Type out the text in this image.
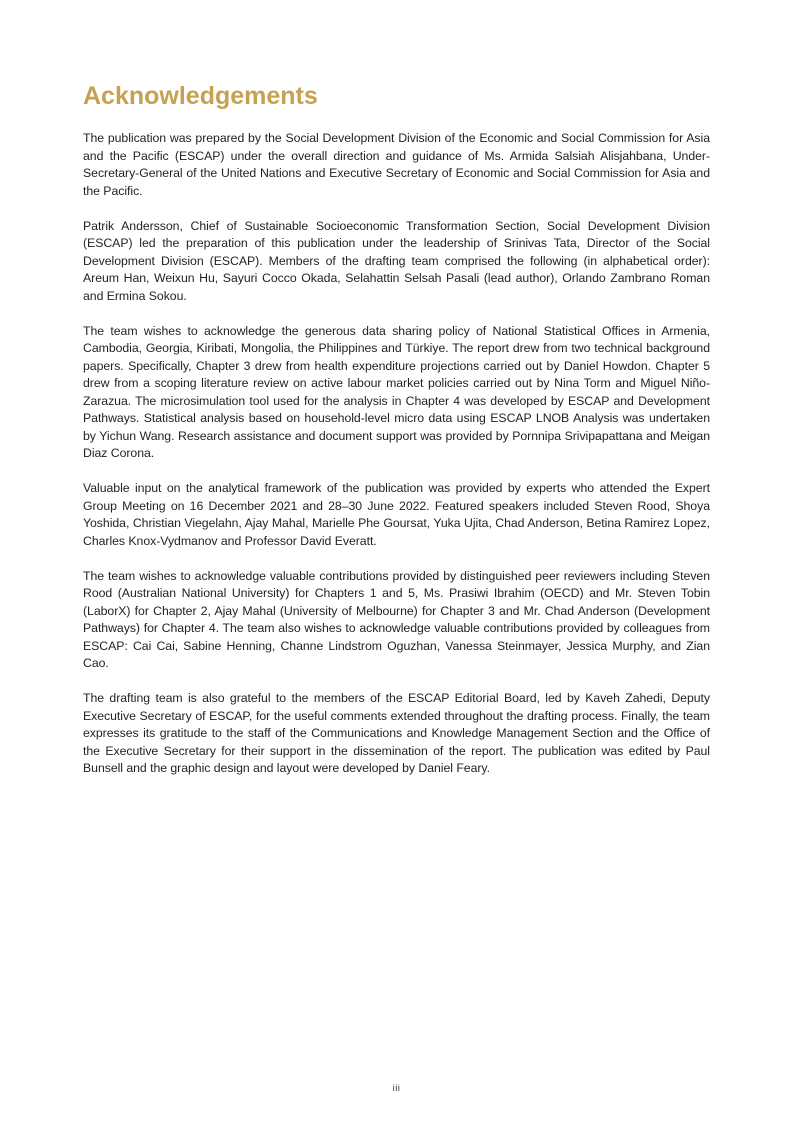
Acknowledgements

The publication was prepared by the Social Development Division of the Economic and Social Commission for Asia and the Pacific (ESCAP) under the overall direction and guidance of Ms. Armida Salsiah Alisjahbana, Under-Secretary-General of the United Nations and Executive Secretary of Economic and Social Commission for Asia and the Pacific.

Patrik Andersson, Chief of Sustainable Socioeconomic Transformation Section, Social Development Division (ESCAP) led the preparation of this publication under the leadership of Srinivas Tata, Director of the Social Development Division (ESCAP). Members of the drafting team comprised the following (in alphabetical order): Areum Han, Weixun Hu, Sayuri Cocco Okada, Selahattin Selsah Pasali (lead author), Orlando Zambrano Roman and Ermina Sokou.

The team wishes to acknowledge the generous data sharing policy of National Statistical Offices in Armenia, Cambodia, Georgia, Kiribati, Mongolia, the Philippines and Türkiye. The report drew from two technical background papers. Specifically, Chapter 3 drew from health expenditure projections carried out by Daniel Howdon. Chapter 5 drew from a scoping literature review on active labour market policies carried out by Nina Torm and Miguel Niño-Zarazua. The microsimulation tool used for the analysis in Chapter 4 was developed by ESCAP and Development Pathways. Statistical analysis based on household-level micro data using ESCAP LNOB Analysis was undertaken by Yichun Wang. Research assistance and document support was provided by Pornnipa Srivipapattana and Meigan Diaz Corona.

Valuable input on the analytical framework of the publication was provided by experts who attended the Expert Group Meeting on 16 December 2021 and 28–30 June 2022. Featured speakers included Steven Rood, Shoya Yoshida, Christian Viegelahn, Ajay Mahal, Marielle Phe Goursat, Yuka Ujita, Chad Anderson, Betina Ramirez Lopez, Charles Knox-Vydmanov and Professor David Everatt.

The team wishes to acknowledge valuable contributions provided by distinguished peer reviewers including Steven Rood (Australian National University) for Chapters 1 and 5, Ms. Prasiwi Ibrahim (OECD) and Mr. Steven Tobin (LaborX) for Chapter 2, Ajay Mahal (University of Melbourne) for Chapter 3 and Mr. Chad Anderson (Development Pathways) for Chapter 4. The team also wishes to acknowledge valuable contributions provided by colleagues from ESCAP: Cai Cai, Sabine Henning, Channe Lindstrom Oguzhan, Vanessa Steinmayer, Jessica Murphy, and Zian Cao.

The drafting team is also grateful to the members of the ESCAP Editorial Board, led by Kaveh Zahedi, Deputy Executive Secretary of ESCAP, for the useful comments extended throughout the drafting process. Finally, the team expresses its gratitude to the staff of the Communications and Knowledge Management Section and the Office of the Executive Secretary for their support in the dissemination of the report. The publication was edited by Paul Bunsell and the graphic design and layout were developed by Daniel Feary.

iii
